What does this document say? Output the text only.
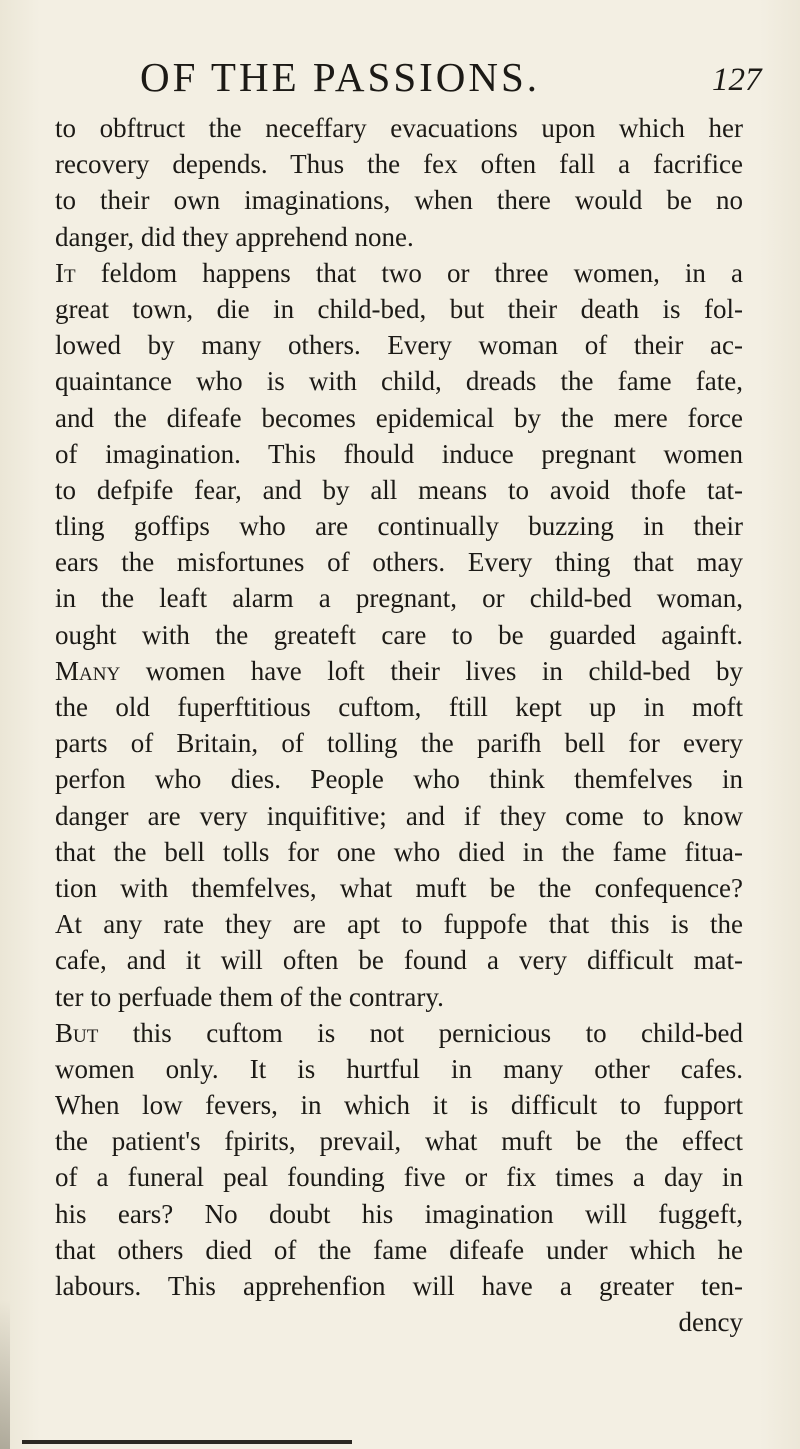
OF THE PASSIONS.	127
to obftruct the neceffary evacuations upon which her
recovery depends. Thus the fex often fall a facrifice
to their own imaginations, when there would be no
danger, did they apprehend none.
It feldom happens that two or three women, in a
great town, die in child-bed, but their death is fol-
lowed by many others. Every woman of their ac-
quaintance who is with child, dreads the fame fate,
and the difeafe becomes epidemical by the mere force
of imagination. This fhould induce pregnant women
to defpife fear, and by all means to avoid thofe tat-
tling goffips who are continually buzzing in their
ears the misfortunes of others. Every thing that may
in the leaft alarm a pregnant, or child-bed woman,
ought with the greateft care to be guarded againft.
Many women have loft their lives in child-bed by
the old fuperftitious cuftom, ftill kept up in moft
parts of Britain, of tolling the parifh bell for every
perfon who dies. People who think themfelves in
danger are very inquifitive; and if they come to know
that the bell tolls for one who died in the fame fitua-
tion with themfelves, what muft be the confequence?
At any rate they are apt to fuppofe that this is the
cafe, and it will often be found a very difficult mat-
ter to perfuade them of the contrary.
But this cuftom is not pernicious to child-bed
women only. It is hurtful in many other cafes.
When low fevers, in which it is difficult to fupport
the patient's fpirits, prevail, what muft be the effect
of a funeral peal founding five or fix times a day in
his ears? No doubt his imagination will fuggeft,
that others died of the fame difeafe under which he
labours. This apprehenfion will have a greater ten-
dency
